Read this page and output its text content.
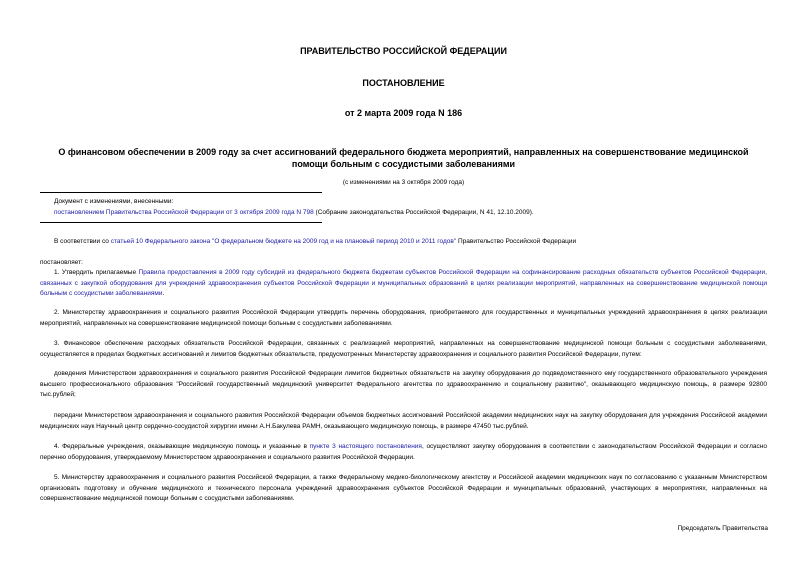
ПРАВИТЕЛЬСТВО РОССИЙСКОЙ ФЕДЕРАЦИИ
ПОСТАНОВЛЕНИЕ
от 2 марта 2009 года N 186
О финансовом обеспечении в 2009 году за счет ассигнований федерального бюджета мероприятий, направленных на совершенствование медицинской помощи больным с сосудистыми заболеваниями
(с изменениями на 3 октября 2009 года)
Документ с изменениями, внесенными:
постановлением Правительства Российской Федерации от 3 октября 2009 года N 798 (Собрание законодательства Российской Федерации, N 41, 12.10.2009).
В соответствии со статьей 10 Федерального закона "О федеральном бюджете на 2009 год и на плановый период 2010 и 2011 годов" Правительство Российской Федерации
постановляет:
1. Утвердить прилагаемые Правила предоставления в 2009 году субсидий из федерального бюджета бюджетам субъектов Российской Федерации на софинансирование расходных обязательств субъектов Российской Федерации, связанных с закупкой оборудования для учреждений здравоохранения субъектов Российской Федерации и муниципальных образований в целях реализации мероприятий, направленных на совершенствование медицинской помощи больным с сосудистыми заболеваниями.
2. Министерству здравоохранения и социального развития Российской Федерации утвердить перечень оборудования, приобретаемого для государственных и муниципальных учреждений здравоохранения в целях реализации мероприятий, направленных на совершенствование медицинской помощи больным с сосудистыми заболеваниями.
3. Финансовое обеспечение расходных обязательств Российской Федерации, связанных с реализацией мероприятий, направленных на совершенствование медицинской помощи больным с сосудистыми заболеваниями, осуществляется в пределах бюджетных ассигнований и лимитов бюджетных обязательств, предусмотренных Министерству здравоохранения и социального развития Российской Федерации, путем:
доведения Министерством здравоохранения и социального развития Российской Федерации лимитов бюджетных обязательств на закупку оборудования до подведомственного ему государственного образовательного учреждения высшего профессионального образования "Российский государственный медицинский университет Федерального агентства по здравоохранению и социальному развитию", оказывающего медицинскую помощь, в размере 92800 тыс.рублей;
передачи Министерством здравоохранения и социального развития Российской Федерации объемов бюджетных ассигнований Российской академии медицинских наук на закупку оборудования для учреждения Российской академии медицинских наук Научный центр сердечно-сосудистой хирургии имени А.Н.Бакулева РАМН, оказывающего медицинскую помощь, в размере 47450 тыс.рублей.
4. Федеральные учреждения, оказывающие медицинскую помощь и указанные в пункте 3 настоящего постановления, осуществляют закупку оборудования в соответствии с законодательством Российской Федерации и согласно перечню оборудования, утверждаемому Министерством здравоохранения и социального развития Российской Федерации.
5. Министерству здравоохранения и социального развития Российской Федерации, а также Федеральному медико-биологическому агентству и Российской академии медицинских наук по согласованию с указанным Министерством организовать подготовку и обучение медицинского и технического персонала учреждений здравоохранения субъектов Российской Федерации и муниципальных образований, участвующих в мероприятиях, направленных на совершенствование медицинской помощи больным с сосудистыми заболеваниями.
Председатель Правительства
